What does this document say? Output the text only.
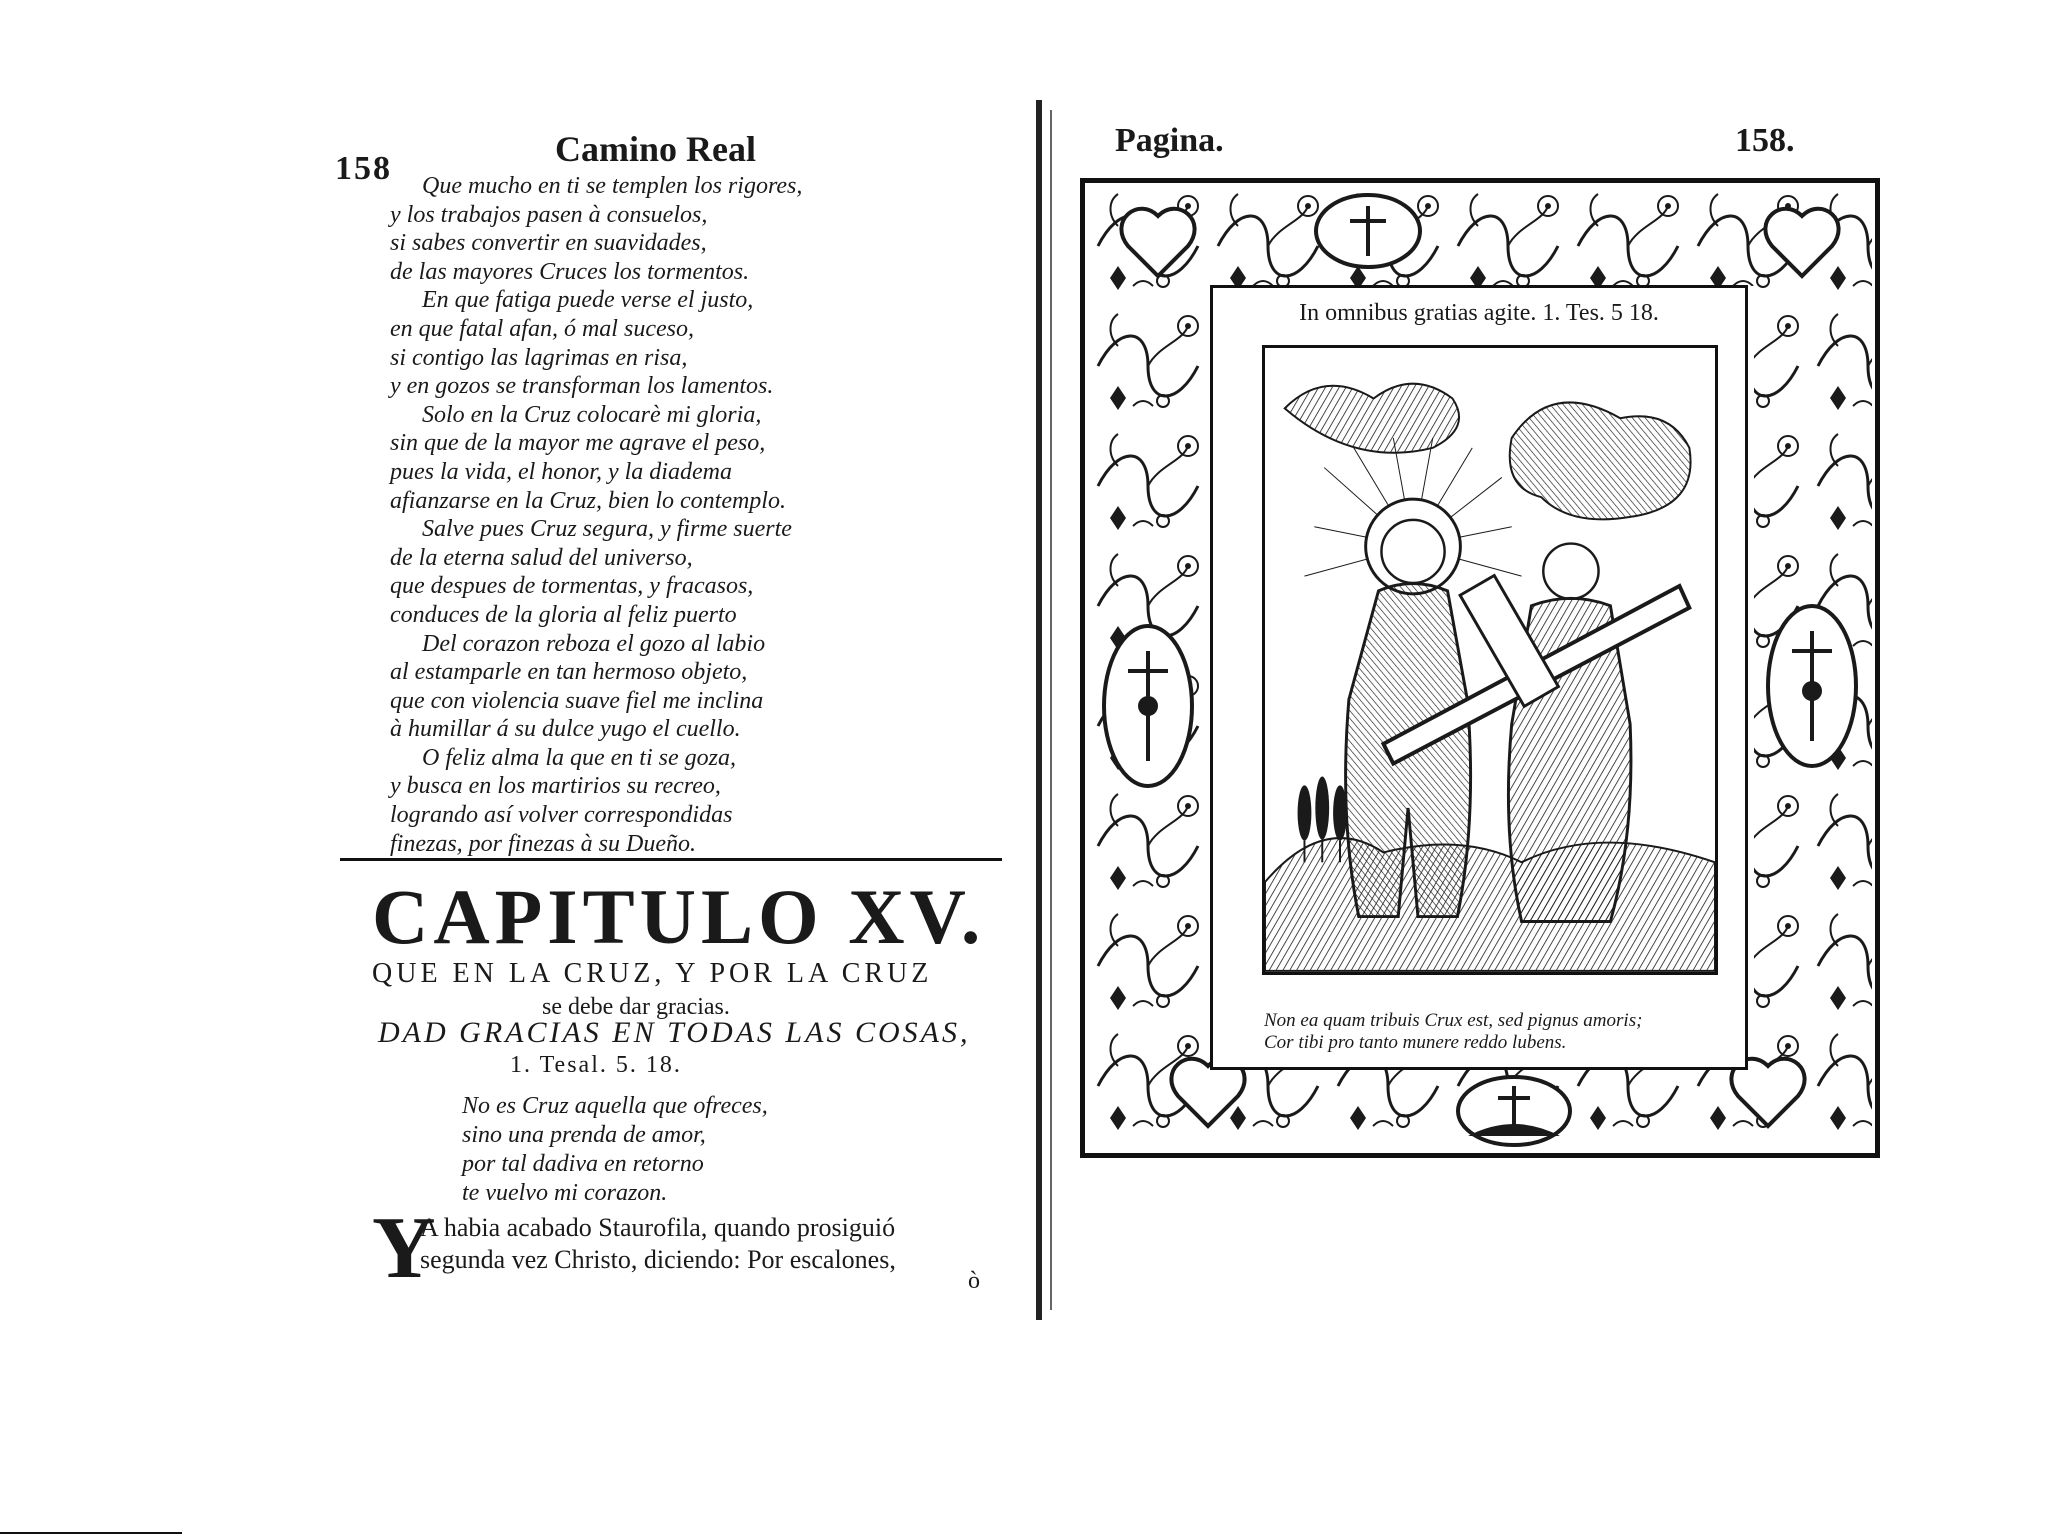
158	Camino Real
Que mucho en ti se templen los rigores,
y los trabajos pasen à consuelos,
si sabes convertir en suavidades,
de las mayores Cruces los tormentos.
En que fatiga puede verse el justo,
en que fatal afan, ó mal suceso,
si contigo las lagrimas en risa,
y en gozos se transforman los lamentos.
Solo en la Cruz colocarè mi gloria,
sin que de la mayor me agrave el peso,
pues la vida, el honor, y la diadema
afianzarse en la Cruz, bien lo contemplo.
Salve pues Cruz segura, y firme suerte
de la eterna salud del universo,
que despues de tormentas, y fracasos,
conduces de la gloria al feliz puerto
Del corazon reboza el gozo al labio
al estamparle en tan hermoso objeto,
que con violencia suave fiel me inclina
à humillar á su dulce yugo el cuello.
O feliz alma la que en ti se goza,
y busca en los martirios su recreo,
logrando así volver correspondidas
finezas, por finezas à su Dueño.
CAPITULO XV.
QUE EN LA CRUZ, Y POR LA CRUZ
se debe dar gracias.
DAD GRACIAS EN TODAS LAS COSAS,
1. Tesal. 5. 18.
No es Cruz aquella que ofreces,
sino una prenda de amor,
por tal dadiva en retorno
te vuelvo mi corazon.
Y
A habia acabado Staurofila, quando prosiguió
segunda vez Christo, diciendo: Por escalones,
ò
Pagina.	158.
In omnibus gratias agite. 1. Tes. 5 18.
Non ea quam tribuis Crux est, sed pignus amoris;
Cor tibi pro tanto munere reddo lubens.
